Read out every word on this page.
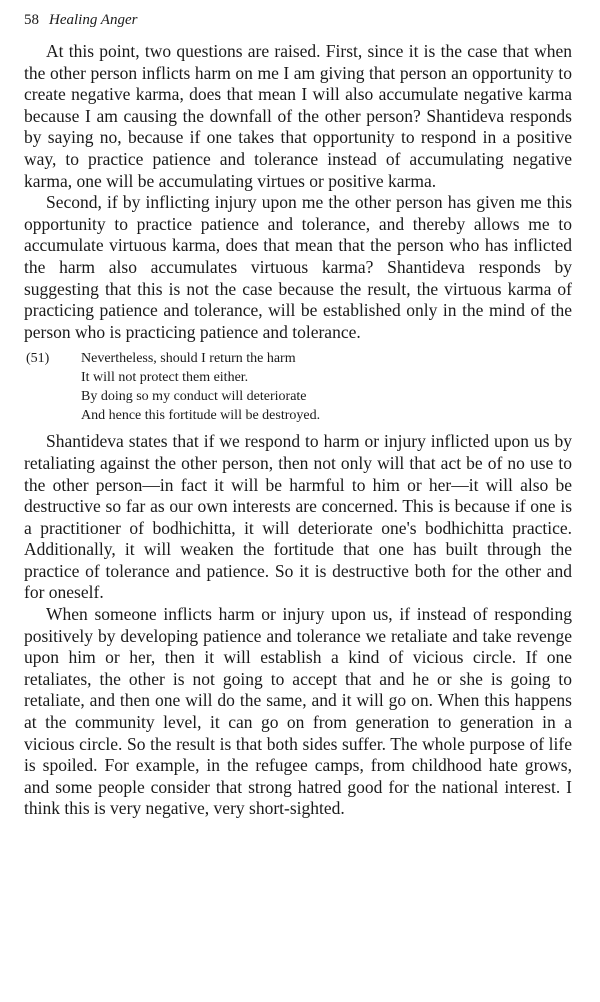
58 Healing Anger

At this point, two questions are raised. First, since it is the case that when the other person inflicts harm on me I am giving that person an opportunity to create negative karma, does that mean I will also accumulate negative karma because I am causing the downfall of the other person? Shantideva responds by saying no, because if one takes that opportunity to respond in a positive way, to practice patience and tolerance instead of accumulating negative karma, one will be accumulating virtues or positive karma.

Second, if by inflicting injury upon me the other person has given me this opportunity to practice patience and tolerance, and thereby allows me to accumulate virtuous karma, does that mean that the person who has inflicted the harm also accumulates virtuous karma? Shantideva responds by suggesting that this is not the case because the result, the virtuous karma of practicing patience and tolerance, will be established only in the mind of the person who is practicing patience and tolerance.

(51)	Nevertheless, should I return the harm
It will not protect them either.
By doing so my conduct will deteriorate
And hence this fortitude will be destroyed.

Shantideva states that if we respond to harm or injury inflicted upon us by retaliating against the other person, then not only will that act be of no use to the other person—in fact it will be harmful to him or her—it will also be destructive so far as our own interests are concerned. This is because if one is a practitioner of bodhichitta, it will deteriorate one's bodhichitta practice. Additionally, it will weaken the fortitude that one has built through the practice of tolerance and patience. So it is destructive both for the other and for oneself.

When someone inflicts harm or injury upon us, if instead of responding positively by developing patience and tolerance we retaliate and take revenge upon him or her, then it will establish a kind of vicious circle. If one retaliates, the other is not going to accept that and he or she is going to retaliate, and then one will do the same, and it will go on. When this happens at the community level, it can go on from generation to generation in a vicious circle. So the result is that both sides suffer. The whole purpose of life is spoiled. For example, in the refugee camps, from childhood hate grows, and some people consider that strong hatred good for the national interest. I think this is very negative, very short-sighted.
